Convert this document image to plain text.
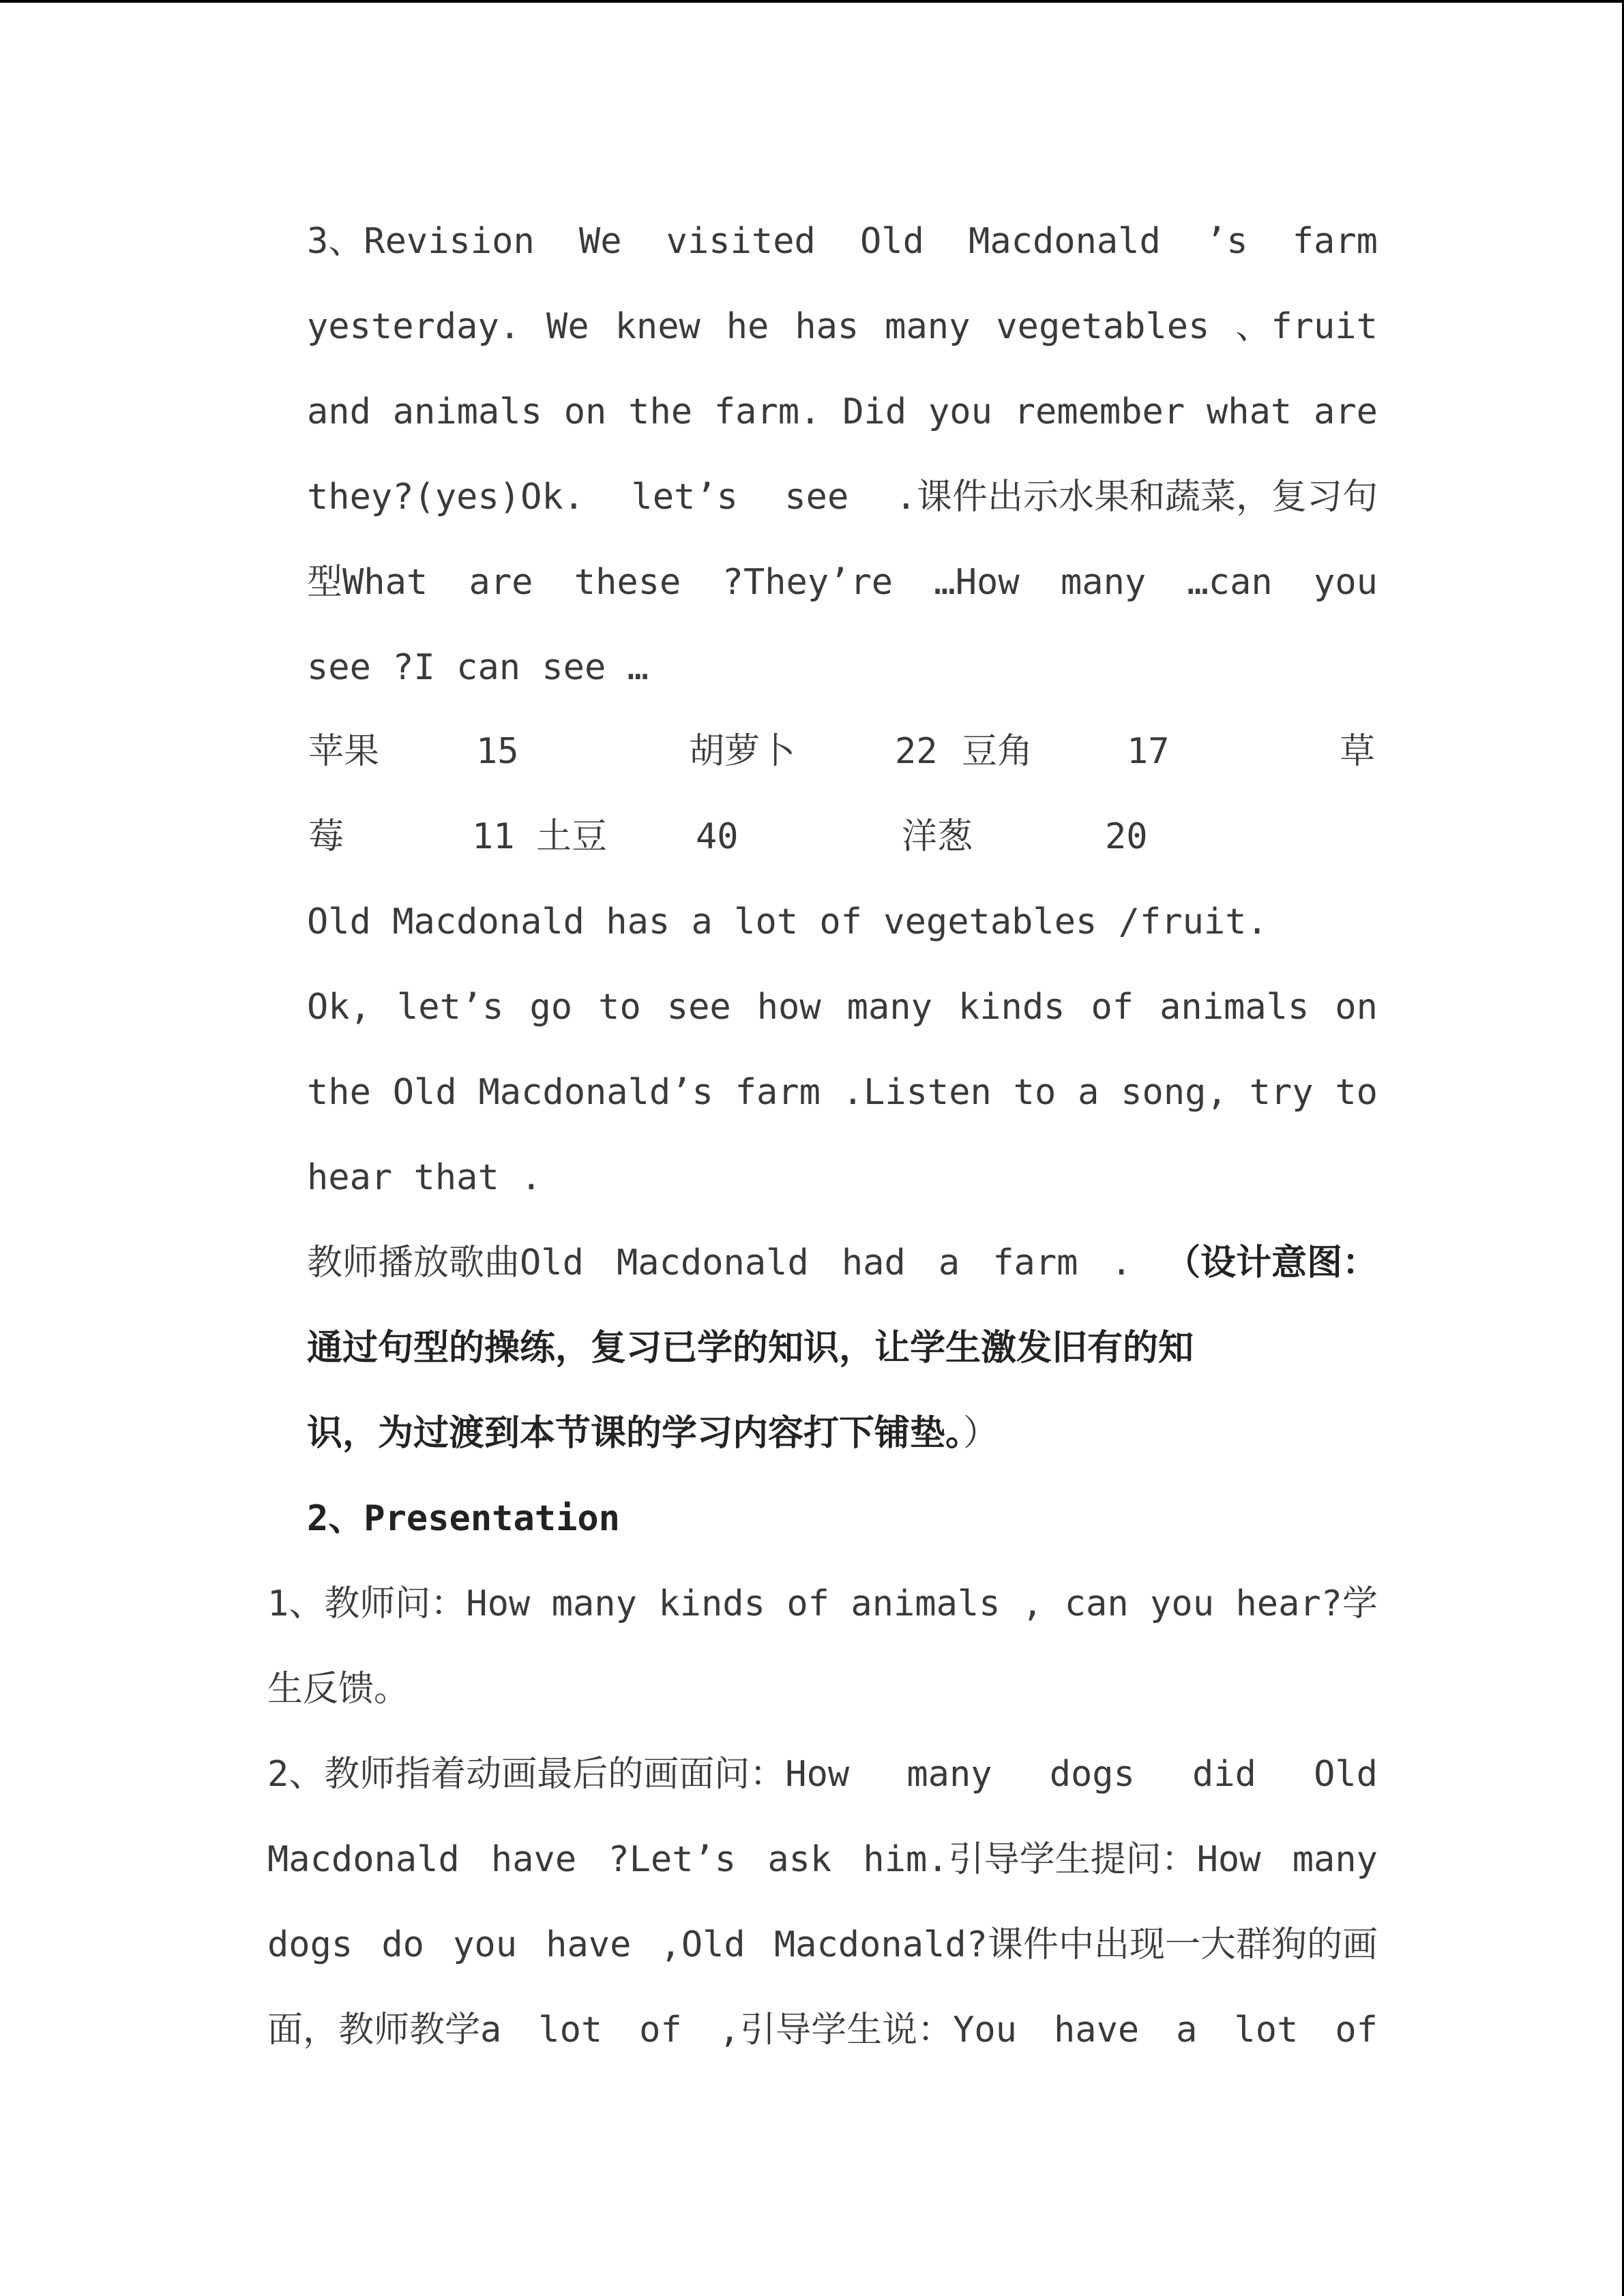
3、Revision We visited Old Macdonald ’s farm
yesterday. We knew he has many vegetables 、fruit
and animals on the farm. Did you remember what are
they?(yes)Ok. let’s see .课件出示水果和蔬菜，复习句
型What are these ?They’re …How many …can you
see ?I can see …
苹果	15	胡萝卜	22 豆角	17	草
莓	11 土豆 40	洋葱	20
Old Macdonald has a lot of vegetables /fruit.
Ok, let’s go to see how many kinds of animals on
the Old Macdonald’s farm .Listen to a song, try to
hear that .
教师播放歌曲Old Macdonald had a farm . （设计意图：
通过句型的操练，复习已学的知识，让学生激发旧有的知
识，为过渡到本节课的学习内容打下铺垫。）
2、Presentation
1、教师问：How many kinds of animals , can you hear?学
生反馈。
2、教师指着动画最后的画面问：How many dogs did Old
Macdonald have ?Let’s ask him.引导学生提问：How many
dogs do you have ,Old Macdonald?课件中出现一大群狗的画
面，教师教学a lot of ,引导学生说：You have a lot of
